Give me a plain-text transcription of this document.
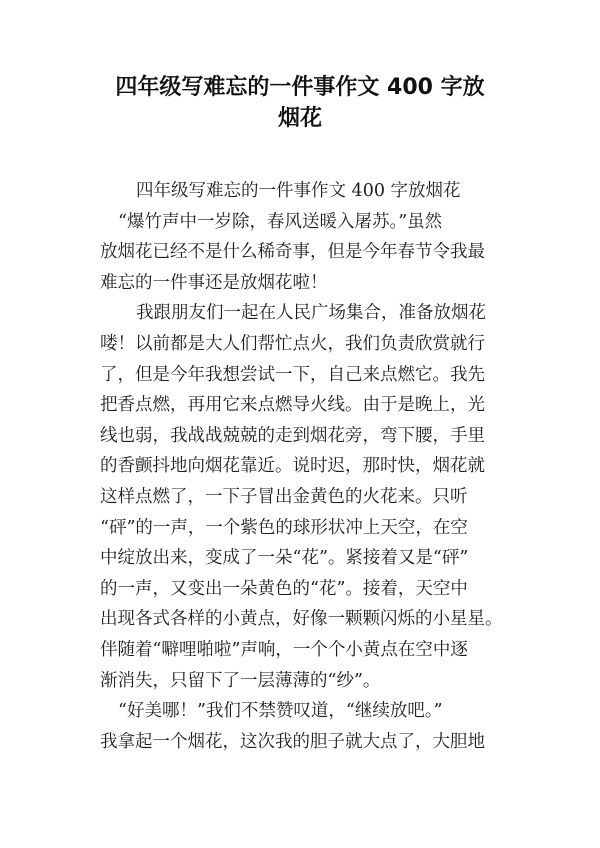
四年级写难忘的一件事作文 400 字放
烟花
四年级写难忘的一件事作文 400 字放烟花
“爆竹声中一岁除，春风送暖入屠苏。”虽然
放烟花已经不是什么稀奇事，但是今年春节令我最
难忘的一件事还是放烟花啦！
我跟朋友们一起在人民广场集合，准备放烟花
喽！以前都是大人们帮忙点火，我们负责欣赏就行
了，但是今年我想尝试一下，自己来点燃它。我先
把香点燃，再用它来点燃导火线。由于是晚上，光
线也弱，我战战兢兢的走到烟花旁，弯下腰，手里
的香颤抖地向烟花靠近。说时迟，那时快，烟花就
这样点燃了，一下子冒出金黄色的火花来。只听
“砰”的一声，一个紫色的球形状冲上天空，在空
中绽放出来，变成了一朵“花”。紧接着又是“砰”
的一声，又变出一朵黄色的“花”。接着，天空中
出现各式各样的小黄点，好像一颗颗闪烁的小星星。
伴随着“噼哩啪啦”声响，一个个小黄点在空中逐
渐消失，只留下了一层薄薄的“纱”。
“好美哪！”我们不禁赞叹道，“继续放吧。”
我拿起一个烟花，这次我的胆子就大点了，大胆地
